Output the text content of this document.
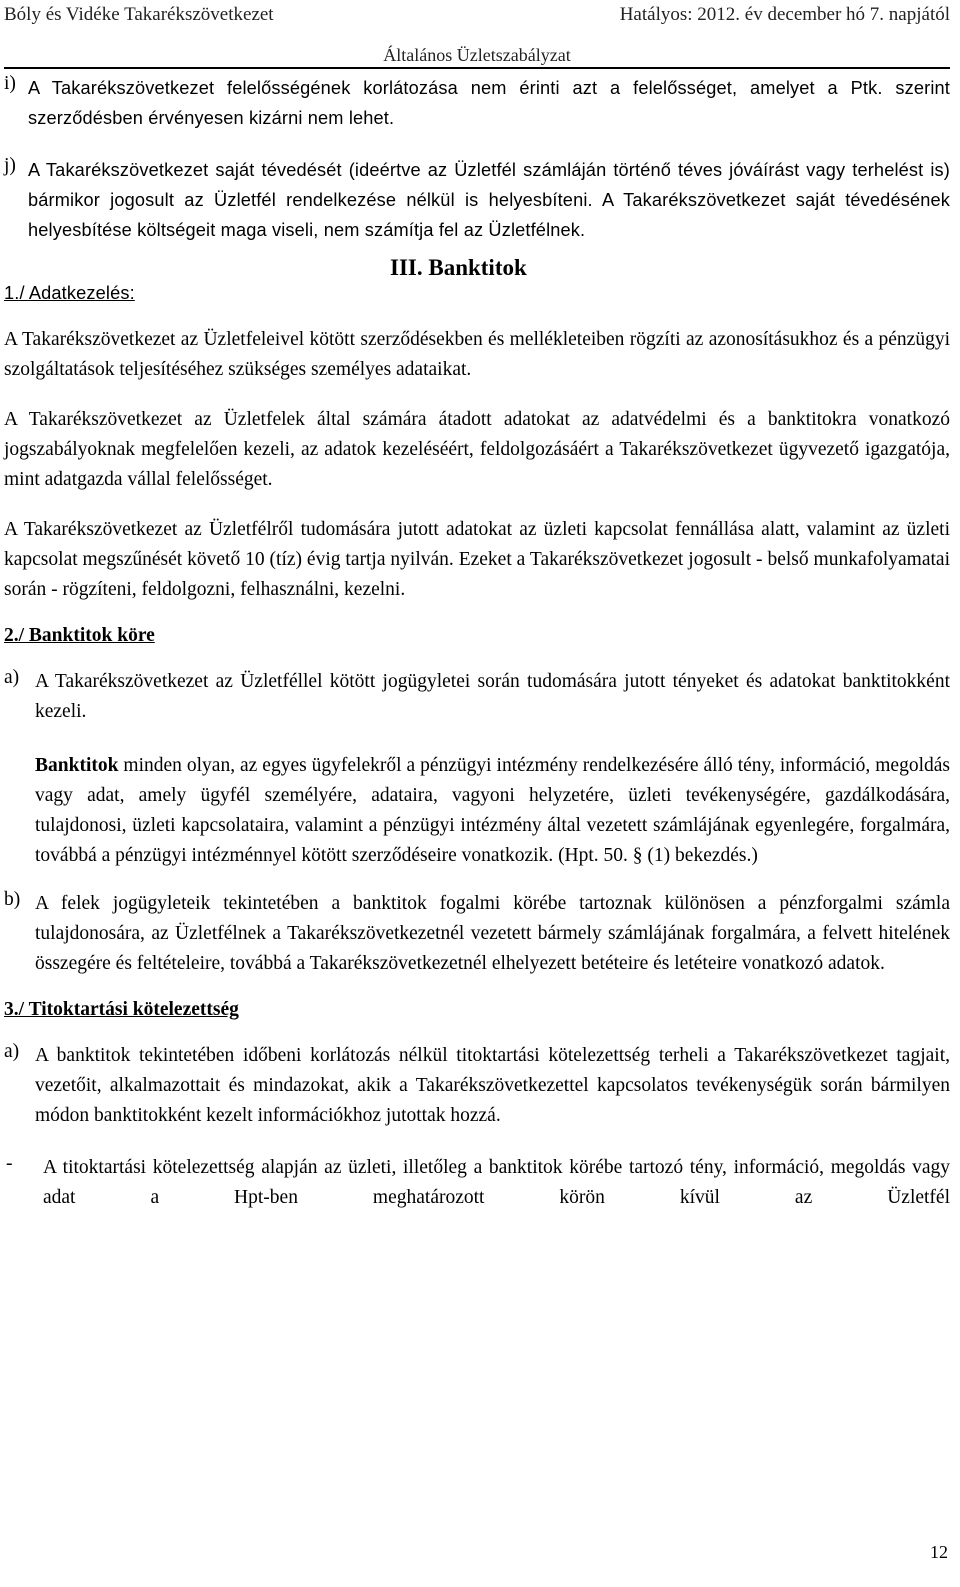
Bóly és Vidéke Takarékszövetkezet	Hatályos: 2012. év december hó 7. napjától
Általános Üzletszabályzat
i) A Takarékszövetkezet felelősségének korlátozása nem érinti azt a felelősséget, amelyet a Ptk. szerint szerződésben érvényesen kizárni nem lehet.

j) A Takarékszövetkezet saját tévedését (ideértve az Üzletfél számláján történő téves jóváírást vagy terhelést is) bármikor jogosult az Üzletfél rendelkezése nélkül is helyesbíteni. A Takarékszövetkezet saját tévedésének helyesbítése költségeit maga viseli, nem számítja fel az Üzletfélnek.

III. Banktitok
1./ Adatkezelés:

A Takarékszövetkezet az Üzletfeleivel kötött szerződésekben és mellékleteiben rögzíti az azonosításukhoz és a pénzügyi szolgáltatások teljesítéséhez szükséges személyes adataikat.

A Takarékszövetkezet az Üzletfelek által számára átadott adatokat az adatvédelmi és a banktitokra vonatkozó jogszabályoknak megfelelően kezeli, az adatok kezeléséért, feldolgozásáért a Takarékszövetkezet ügyvezető igazgatója, mint adatgazda vállal felelősséget.

A Takarékszövetkezet az Üzletfélről tudomására jutott adatokat az üzleti kapcsolat fennállása alatt, valamint az üzleti kapcsolat megszűnését követő 10 (tíz) évig tartja nyilván. Ezeket a Takarékszövetkezet jogosult - belső munkafolyamatai során - rögzíteni, feldolgozni, felhasználni, kezelni.

2./ Banktitok köre
a) A Takarékszövetkezet az Üzletféllel kötött jogügyletei során tudomására jutott tényeket és adatokat banktitokként kezeli.

Banktitok minden olyan, az egyes ügyfelekről a pénzügyi intézmény rendelkezésére álló tény, információ, megoldás vagy adat, amely ügyfél személyére, adataira, vagyoni helyzetére, üzleti tevékenységére, gazdálkodására, tulajdonosi, üzleti kapcsolataira, valamint a pénzügyi intézmény által vezetett számlájának egyenlegére, forgalmára, továbbá a pénzügyi intézménnyel kötött szerződéseire vonatkozik. (Hpt. 50. § (1) bekezdés.)

b) A felek jogügyleteik tekintetében a banktitok fogalmi körébe tartoznak különösen a pénzforgalmi számla tulajdonosára, az Üzletfélnek a Takarékszövetkezetnél vezetett bármely számlájának forgalmára, a felvett hitelének összegére és feltételeire, továbbá a Takarékszövetkezetnél elhelyezett betéteire és letéteire vonatkozó adatok.

3./ Titoktartási kötelezettség
a) A banktitok tekintetében időbeni korlátozás nélkül titoktartási kötelezettség terheli a Takarékszövetkezet tagjait, vezetőit, alkalmazottait és mindazokat, akik a Takarékszövetkezettel kapcsolatos tevékenységük során bármilyen módon banktitokként kezelt információkhoz jutottak hozzá.

-	A titoktartási kötelezettség alapján az üzleti, illetőleg a banktitok körébe tartozó tény, információ, megoldás vagy adat a Hpt-ben meghatározott körön kívül az Üzletfél

12
